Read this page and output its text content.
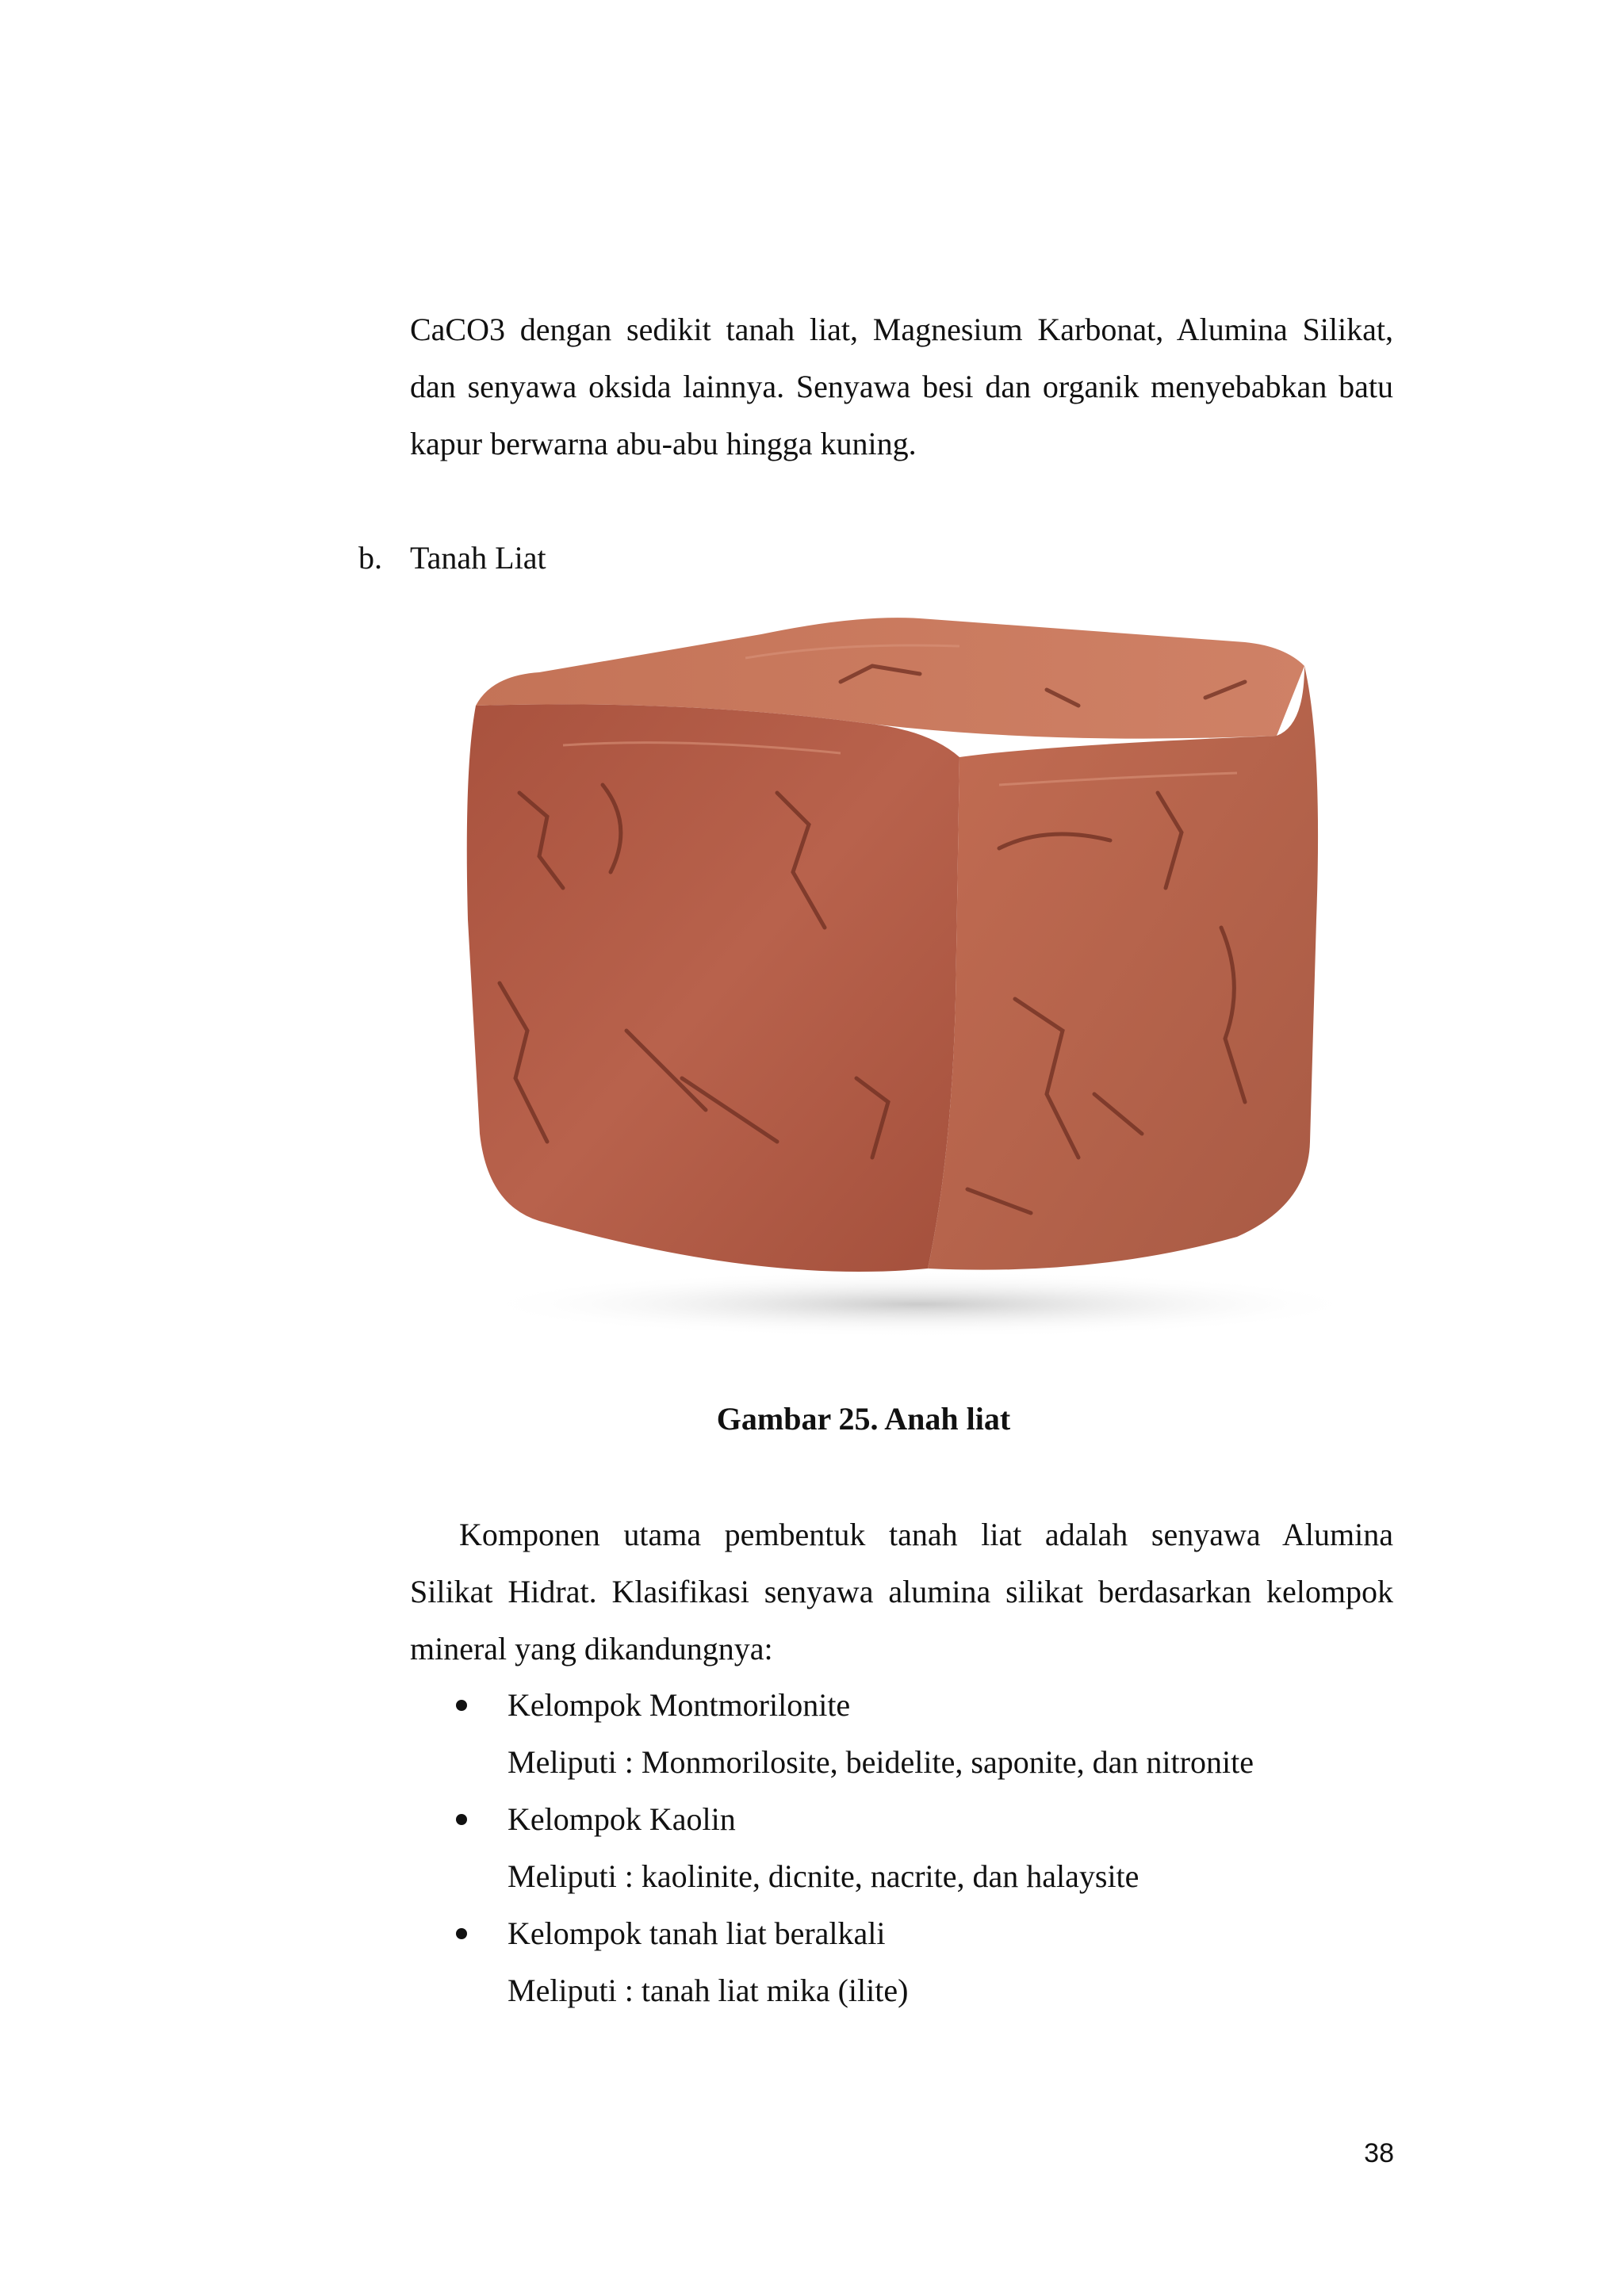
CaCO3 dengan sedikit tanah liat, Magnesium Karbonat, Alumina Silikat,
dan senyawa oksida lainnya. Senyawa besi dan organik menyebabkan batu
kapur berwarna abu-abu hingga kuning.
b. Tanah Liat

Gambar 25. Anah liat

Komponen utama pembentuk tanah liat adalah senyawa Alumina
Silikat Hidrat. Klasifikasi senyawa alumina silikat berdasarkan kelompok
mineral yang dikandungnya:
Kelompok Montmorilonite
Meliputi : Monmorilosite, beidelite, saponite, dan nitronite
Kelompok Kaolin
Meliputi : kaolinite, dicnite, nacrite, dan halaysite
Kelompok tanah liat beralkali
Meliputi : tanah liat mika (ilite)

38
